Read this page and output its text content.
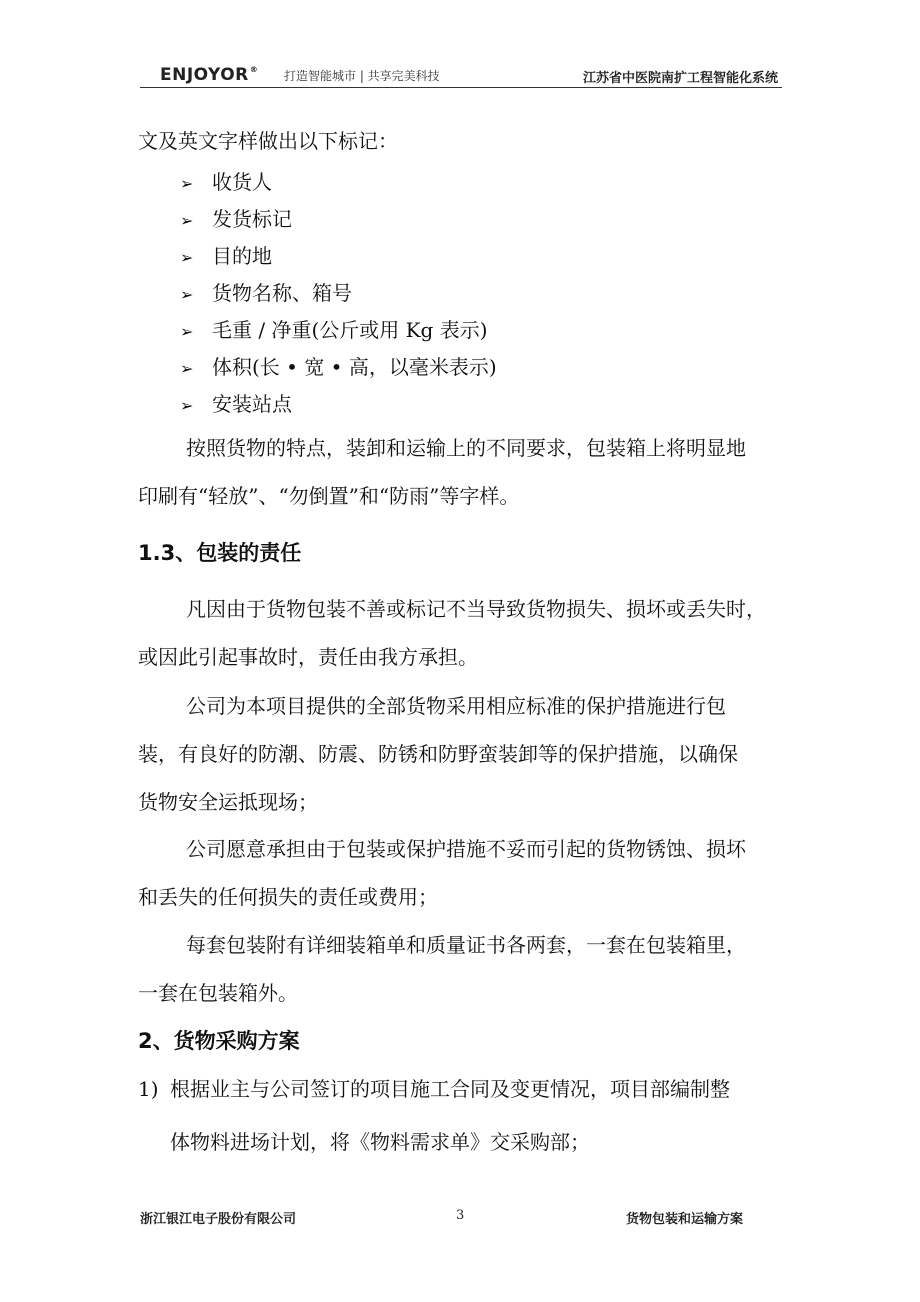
ENJOYOR® 打造智能城市 | 共享完美科技	江苏省中医院南扩工程智能化系统
文及英文字样做出以下标记：
➢ 收货人
➢ 发货标记
➢ 目的地
➢ 货物名称、箱号
➢ 毛重 / 净重(公斤或用 Kg 表示)
➢ 体积(长 • 宽 • 高，以毫米表示)
➢ 安装站点
按照货物的特点，装卸和运输上的不同要求，包装箱上将明显地
印刷有“轻放”、“勿倒置”和“防雨”等字样。
1.3、包装的责任
凡因由于货物包装不善或标记不当导致货物损失、损坏或丢失时，
或因此引起事故时，责任由我方承担。
公司为本项目提供的全部货物采用相应标准的保护措施进行包
装，有良好的防潮、防震、防锈和防野蛮装卸等的保护措施，以确保
货物安全运抵现场；
公司愿意承担由于包装或保护措施不妥而引起的货物锈蚀、损坏
和丢失的任何损失的责任或费用；
每套包装附有详细装箱单和质量证书各两套，一套在包装箱里，
一套在包装箱外。
2、货物采购方案
1) 根据业主与公司签订的项目施工合同及变更情况，项目部编制整
体物料进场计划，将《物料需求单》交采购部；
浙江银江电子股份有限公司	3	货物包装和运输方案
